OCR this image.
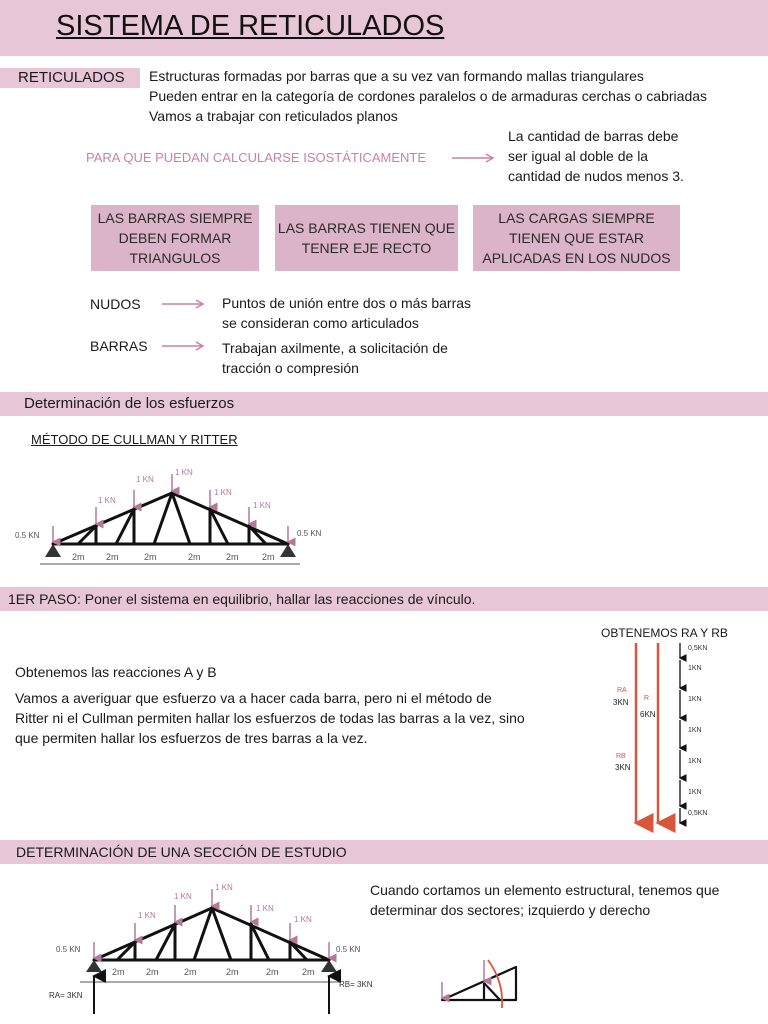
SISTEMA DE RETICULADOS
RETICULADOS Estructuras formadas por barras que a su vez van formando mallas triangulares
Pueden entrar en la categoría de cordones paralelos o de armaduras cerchas o cabriadas
Vamos a trabajar con reticulados planos
PARA QUE PUEDAN CALCULARSE ISOSTÁTICAMENTE
La cantidad de barras debe
ser igual al doble de la
cantidad de nudos menos 3.
LAS BARRAS SIEMPRE
DEBEN FORMAR
TRIANGULOS
LAS BARRAS TIENEN QUE
TENER EJE RECTO
LAS CARGAS SIEMPRE
TIENEN QUE ESTAR
APLICADAS EN LOS NUDOS
NUDOS	Puntos de unión entre dos o más barras
se consideran como articulados
BARRAS	Trabajan axilmente, a solicitación de
tracción o compresión
Determinación de los esfuerzos
MÉTODO DE CULLMAN Y RITTER
1 KN
1 KN
1 KN
1 KN
1 KN
0.5 KN	0.5 KN
2m 2m	2m	2m	2m	2m
1ER PASO: Poner el sistema en equilibrio, hallar las reacciones de vínculo.
Obtenemos las reacciones A y B
Vamos a averiguar que esfuerzo va a hacer cada barra, pero ni el método de
Ritter ni el Cullman permiten hallar los esfuerzos de todas las barras a la vez, sino
que permiten hallar los esfuerzos de tres barras a la vez.
OBTENEMOS RA Y RB
0,5KN
1KN
1KN
1KN
1KN
1KN
0,5KN
RA
R
RB
3KN
6KN
3KN
DETERMINACIÓN DE UNA SECCIÓN DE ESTUDIO
Cuando cortamos un elemento estructural, tenemos que
determinar dos sectores; izquierdo y derecho
1 KN
1 KN
1 KN
1 KN
1 KN
0.5 KN	0.5 KN
2m 2m	2m	2m	2m	2m
RA= 3KN
RB= 3KN
